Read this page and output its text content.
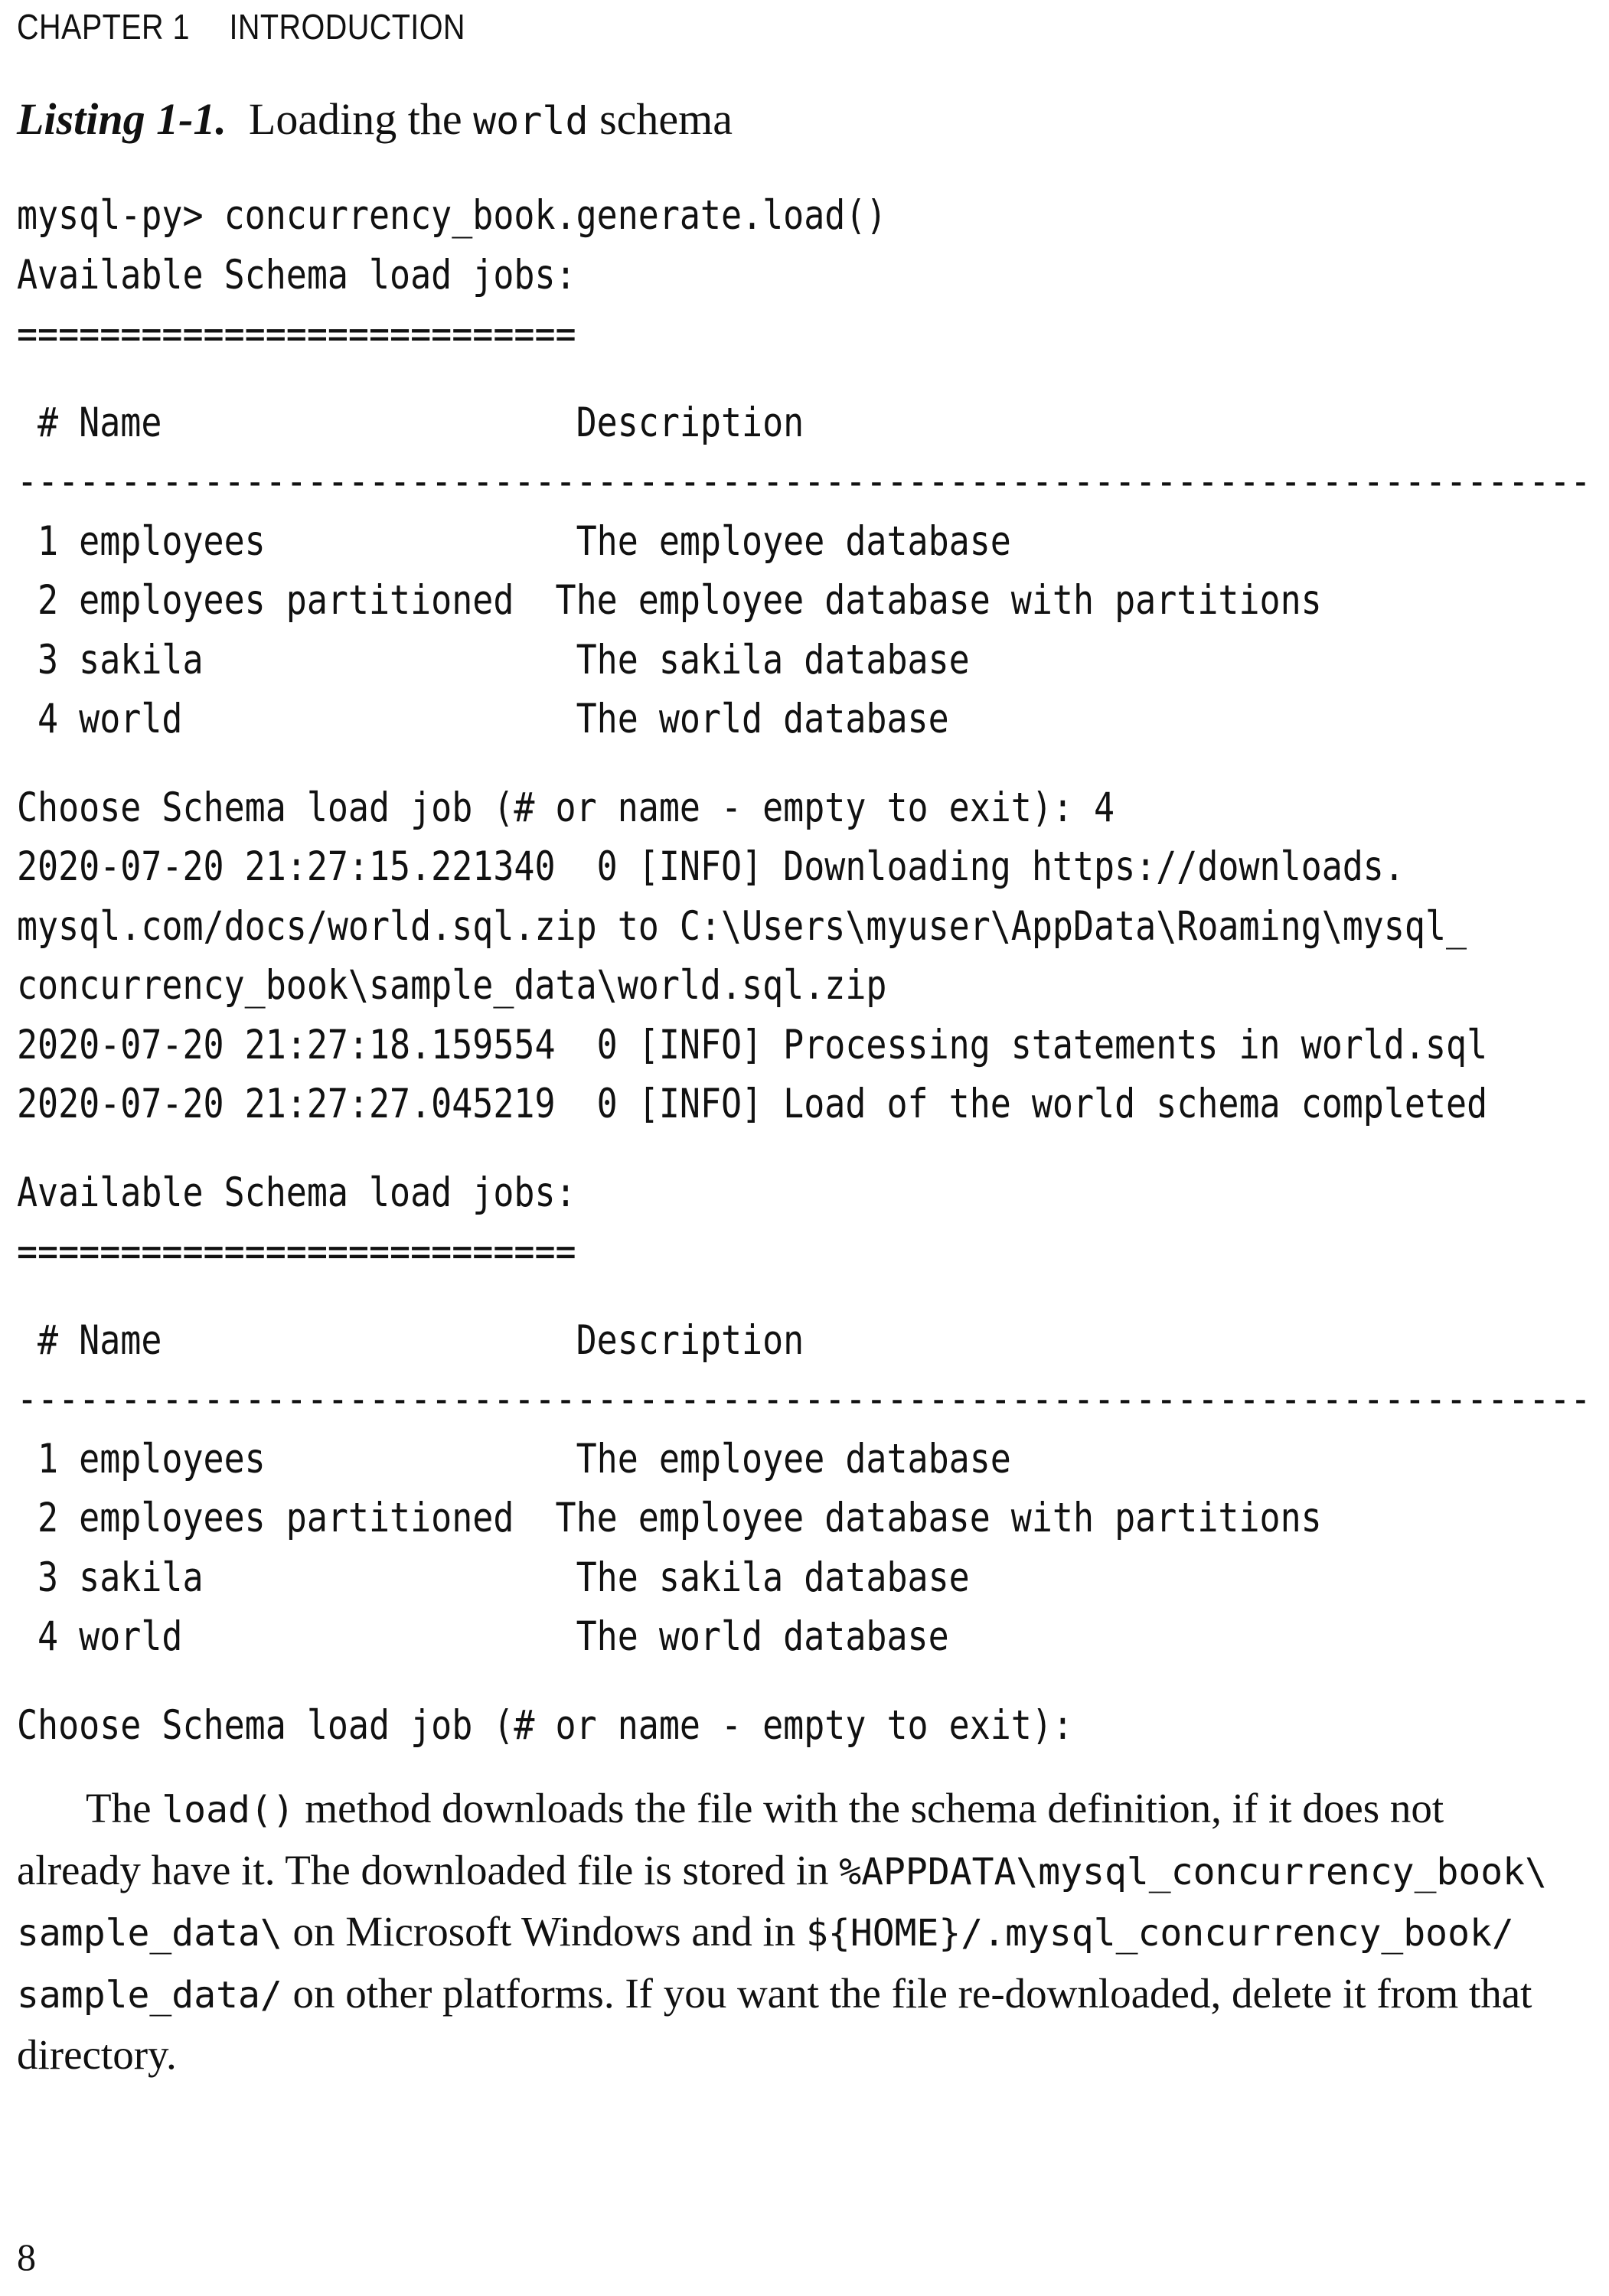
CHAPTER 1 INTRODUCTION
Listing 1-1. Loading the world schema
mysql-py> concurrency_book.generate.load()
Available Schema load jobs:
===========================
# Name                    Description
----------------------------------------------------------------------------
1 employees               The employee database
2 employees partitioned  The employee database with partitions
3 sakila                  The sakila database
4 world                   The world database
Choose Schema load job (# or name - empty to exit): 4
2020-07-20 21:27:15.221340  0 [INFO] Downloading https://downloads.
mysql.com/docs/world.sql.zip to C:\Users\myuser\AppData\Roaming\mysql_
concurrency_book\sample_data\world.sql.zip
2020-07-20 21:27:18.159554  0 [INFO] Processing statements in world.sql
2020-07-20 21:27:27.045219  0 [INFO] Load of the world schema completed
Available Schema load jobs:
===========================
# Name                    Description
----------------------------------------------------------------------------
1 employees               The employee database
2 employees partitioned  The employee database with partitions
3 sakila                  The sakila database
4 world                   The world database
Choose Schema load job (# or name - empty to exit):
The load() method downloads the file with the schema definition, if it does not
already have it. The downloaded file is stored in %APPDATA\mysql_concurrency_book\
sample_data\ on Microsoft Windows and in ${HOME}/.mysql_concurrency_book/
sample_data/ on other platforms. If you want the file re-downloaded, delete it from that
directory.
8
